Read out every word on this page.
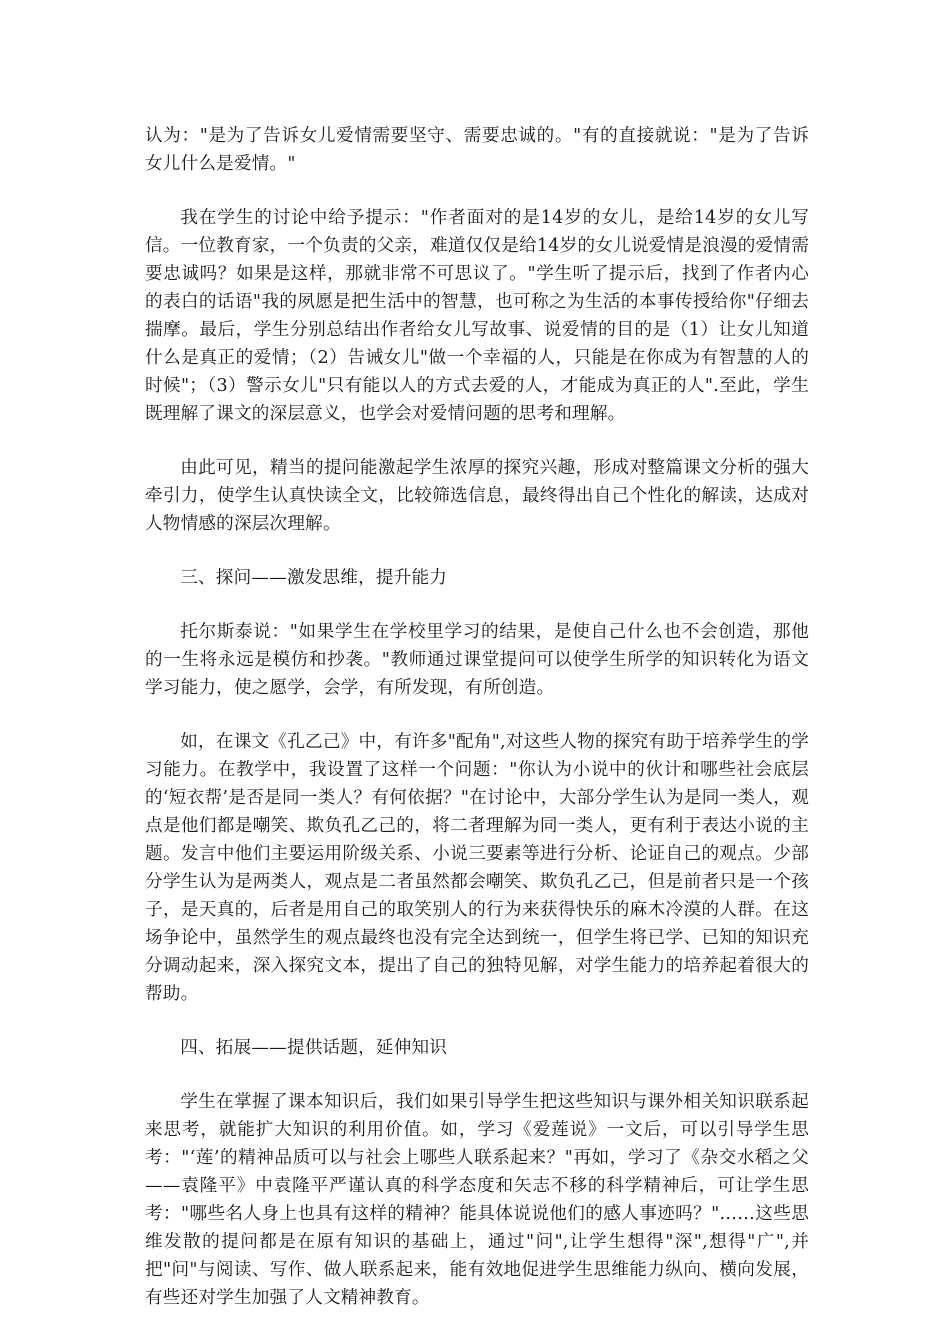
认为："是为了告诉女儿爱情需要坚守、需要忠诚的。"有的直接就说："是为了告诉女儿什么是爱情。"

我在学生的讨论中给予提示："作者面对的是14岁的女儿，是给14岁的女儿写信。一位教育家，一个负责的父亲，难道仅仅是给14岁的女儿说爱情是浪漫的爱情需要忠诚吗？如果是这样，那就非常不可思议了。"学生听了提示后，找到了作者内心的表白的话语"我的夙愿是把生活中的智慧，也可称之为生活的本事传授给你"仔细去揣摩。最后，学生分别总结出作者给女儿写故事、说爱情的目的是（1）让女儿知道什么是真正的爱情；（2）告诫女儿"做一个幸福的人，只能是在你成为有智慧的人的时候"；（3）警示女儿"只有能以人的方式去爱的人，才能成为真正的人".至此，学生既理解了课文的深层意义，也学会对爱情问题的思考和理解。

由此可见，精当的提问能激起学生浓厚的探究兴趣，形成对整篇课文分析的强大牵引力，使学生认真快读全文，比较筛选信息，最终得出自己个性化的解读，达成对人物情感的深层次理解。

三、探问——激发思维，提升能力

托尔斯泰说："如果学生在学校里学习的结果，是使自己什么也不会创造，那他的一生将永远是模仿和抄袭。"教师通过课堂提问可以使学生所学的知识转化为语文学习能力，使之愿学，会学，有所发现，有所创造。

如，在课文《孔乙己》中，有许多"配角",对这些人物的探究有助于培养学生的学习能力。在教学中，我设置了这样一个问题："你认为小说中的伙计和哪些社会底层的‘短衣帮’是否是同一类人？有何依据？"在讨论中，大部分学生认为是同一类人，观点是他们都是嘲笑、欺负孔乙己的，将二者理解为同一类人，更有利于表达小说的主题。发言中他们主要运用阶级关系、小说三要素等进行分析、论证自己的观点。少部分学生认为是两类人，观点是二者虽然都会嘲笑、欺负孔乙己，但是前者只是一个孩子，是天真的，后者是用自己的取笑别人的行为来获得快乐的麻木冷漠的人群。在这场争论中，虽然学生的观点最终也没有完全达到统一，但学生将已学、已知的知识充分调动起来，深入探究文本，提出了自己的独特见解，对学生能力的培养起着很大的帮助。

四、拓展——提供话题，延伸知识

学生在掌握了课本知识后，我们如果引导学生把这些知识与课外相关知识联系起来思考，就能扩大知识的利用价值。如，学习《爱莲说》一文后，可以引导学生思考："‘莲’的精神品质可以与社会上哪些人联系起来？"再如，学习了《杂交水稻之父——袁隆平》中袁隆平严谨认真的科学态度和矢志不移的科学精神后，可让学生思考："哪些名人身上也具有这样的精神？能具体说说他们的感人事迹吗？"……这些思维发散的提问都是在原有知识的基础上，通过"问",让学生想得"深",想得"广",并把"问"与阅读、写作、做人联系起来，能有效地促进学生思维能力纵向、横向发展，有些还对学生加强了人文精神教育。
